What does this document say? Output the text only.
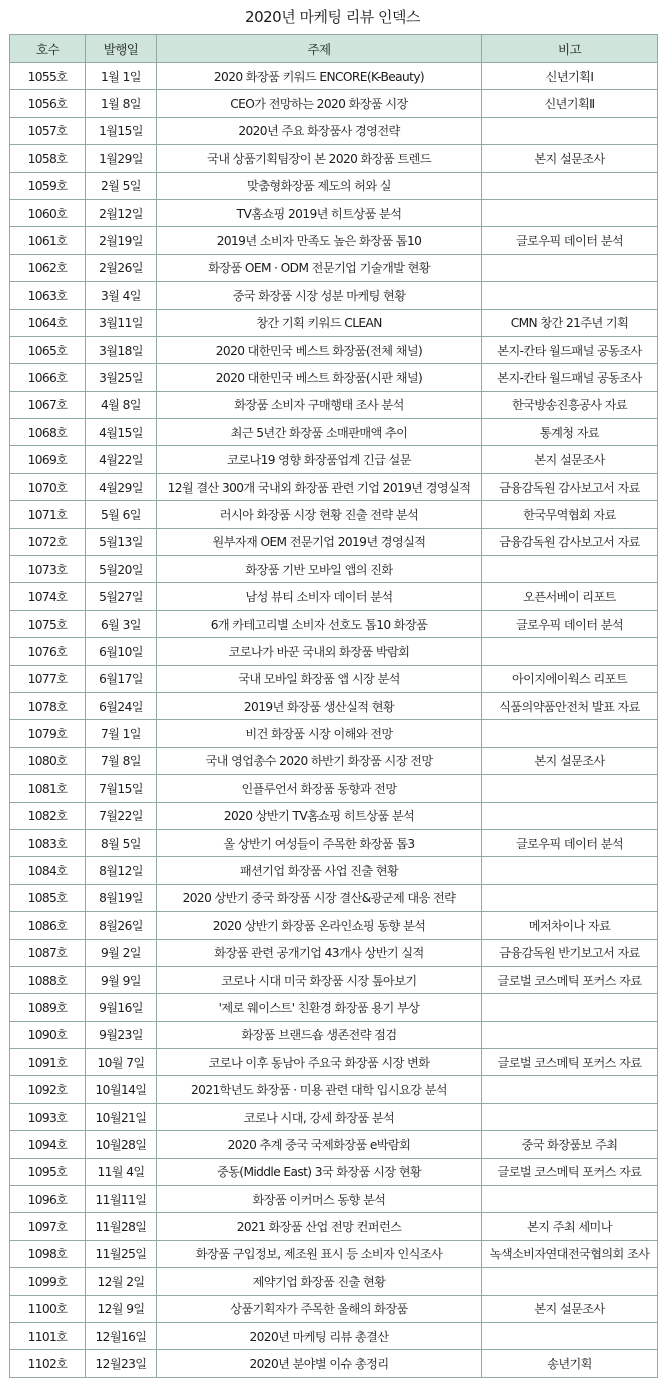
2020년 마케팅 리뷰 인덱스
호수	발행일	주제	비고
1055호	1월 1일	2020 화장품 키워드 ENCORE(K-Beauty)	신년기획Ⅰ
1056호	1월 8일	CEO가 전망하는 2020 화장품 시장	신년기획Ⅱ
1057호	1월15일	2020년 주요 화장품사 경영전략	
1058호	1월29일	국내 상품기획팀장이 본 2020 화장품 트렌드	본지 설문조사
1059호	2월 5일	맞춤형화장품 제도의 허와 실	
1060호	2월12일	TV홈쇼핑 2019년 히트상품 분석	
1061호	2월19일	2019년 소비자 만족도 높은 화장품 톱10	글로우픽 데이터 분석
1062호	2월26일	화장품 OEM · ODM 전문기업 기술개발 현황	
1063호	3월 4일	중국 화장품 시장 성분 마케팅 현황	
1064호	3월11일	창간 기획 키워드 CLEAN	CMN 창간 21주년 기획
1065호	3월18일	2020 대한민국 베스트 화장품(전체 채널)	본지-칸타 월드패널 공동조사
1066호	3월25일	2020 대한민국 베스트 화장품(시판 채널)	본지-칸타 월드패널 공동조사
1067호	4월 8일	화장품 소비자 구매행태 조사 분석	한국방송진흥공사 자료
1068호	4월15일	최근 5년간 화장품 소매판매액 추이	통계청 자료
1069호	4월22일	코로나19 영향 화장품업계 긴급 설문	본지 설문조사
1070호	4월29일	12월 결산 300개 국내외 화장품 관련 기업 2019년 경영실적	금융감독원 감사보고서 자료
1071호	5월 6일	러시아 화장품 시장 현황 진출 전략 분석	한국무역협회 자료
1072호	5월13일	원부자재 OEM 전문기업 2019년 경영실적	금융감독원 감사보고서 자료
1073호	5월20일	화장품 기반 모바일 앱의 진화	
1074호	5월27일	남성 뷰티 소비자 데이터 분석	오픈서베이 리포트
1075호	6월 3일	6개 카테고리별 소비자 선호도 톱10 화장품	글로우픽 데이터 분석
1076호	6월10일	코로나가 바꾼 국내외 화장품 박람회	
1077호	6월17일	국내 모바일 화장품 앱 시장 분석	아이지에이웍스 리포트
1078호	6월24일	2019년 화장품 생산실적 현황	식품의약품안전처 발표 자료
1079호	7월 1일	비건 화장품 시장 이해와 전망	
1080호	7월 8일	국내 영업총수 2020 하반기 화장품 시장 전망	본지 설문조사
1081호	7월15일	인플루언서 화장품 동향과 전망	
1082호	7월22일	2020 상반기 TV홈쇼핑 히트상품 분석	
1083호	8월 5일	올 상반기 여성들이 주목한 화장품 톱3	글로우픽 데이터 분석
1084호	8월12일	패션기업 화장품 사업 진출 현황	
1085호	8월19일	2020 상반기 중국 화장품 시장 결산&광군제 대응 전략	
1086호	8월26일	2020 상반기 화장품 온라인쇼핑 동향 분석	메저차이나 자료
1087호	9월 2일	화장품 관련 공개기업 43개사 상반기 실적	금융감독원 반기보고서 자료
1088호	9월 9일	코로나 시대 미국 화장품 시장 톺아보기	글로벌 코스메틱 포커스 자료
1089호	9월16일	'제로 웨이스트' 친환경 화장품 용기 부상	
1090호	9월23일	화장품 브랜드숍 생존전략 점검	
1091호	10월 7일	코로나 이후 동남아 주요국 화장품 시장 변화	글로벌 코스메틱 포커스 자료
1092호	10월14일	2021학년도 화장품 · 미용 관련 대학 입시요강 분석	
1093호	10월21일	코로나 시대, 강세 화장품 분석	
1094호	10월28일	2020 추계 중국 국제화장품 e박람회	중국 화장품보 주최
1095호	11월 4일	중동(Middle East) 3국 화장품 시장 현황	글로벌 코스메틱 포커스 자료
1096호	11월11일	화장품 이커머스 동향 분석	
1097호	11월28일	2021 화장품 산업 전망 컨퍼런스	본지 주최 세미나
1098호	11월25일	화장품 구입정보, 제조원 표시 등 소비자 인식조사	녹색소비자연대전국협의회 조사
1099호	12월 2일	제약기업 화장품 진출 현황	
1100호	12월 9일	상품기획자가 주목한 올해의 화장품	본지 설문조사
1101호	12월16일	2020년 마케팅 리뷰 총결산	
1102호	12월23일	2020년 분야별 이슈 총정리	송년기획
